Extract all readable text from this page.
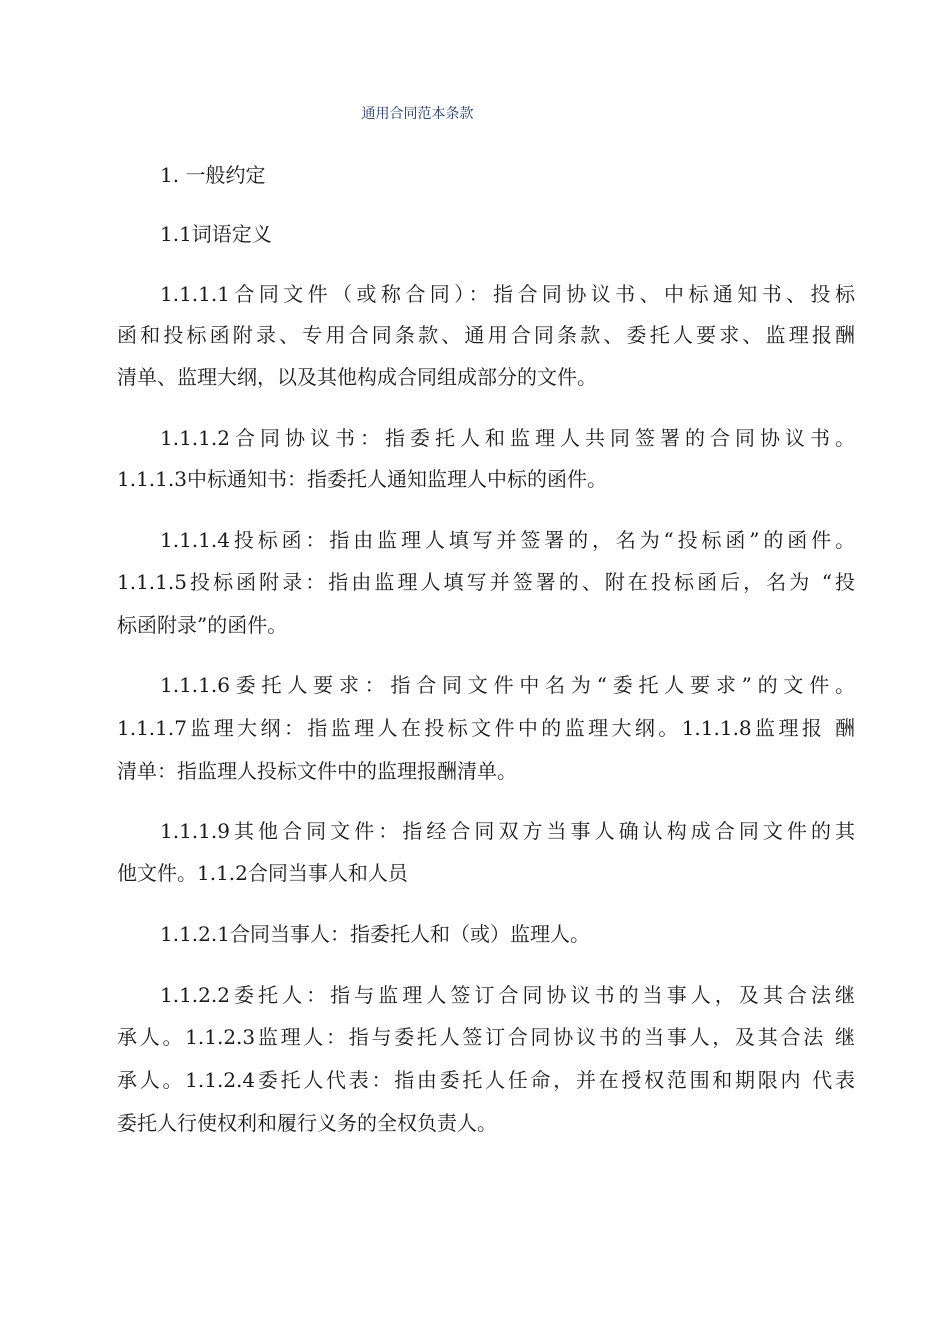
通用合同范本条款
1. 一般约定
1.1词语定义
1.1.1.1合同文件（或称合同）：指合同协议书、中标通知书、投标
函和投标函附录、专用合同条款、通用合同条款、委托人要求、监理报酬
清单、监理大纲，以及其他构成合同组成部分的文件。
1.1.1.2合同协议书：指委托人和监理人共同签署的合同协议书。
1.1.1.3中标通知书：指委托人通知监理人中标的函件。
1.1.1.4投标函：指由监理人填写并签署的，名为“投标函”的函件。
1.1.1.5投标函附录：指由监理人填写并签署的、附在投标函后，名为 “投
标函附录”的函件。
1.1.1.6委托人要求：指合同文件中名为“委托人要求”的文件。
1.1.1.7监理大纲：指监理人在投标文件中的监理大纲。1.1.1.8监理报 酬
清单：指监理人投标文件中的监理报酬清单。
1.1.1.9其他合同文件：指经合同双方当事人确认构成合同文件的其
他文件。1.1.2合同当事人和人员
1.1.2.1合同当事人：指委托人和（或）监理人。
1.1.2.2委托人：指与监理人签订合同协议书的当事人，及其合法继
承人。1.1.2.3监理人：指与委托人签订合同协议书的当事人，及其合法 继
承人。1.1.2.4委托人代表：指由委托人任命，并在授权范围和期限内 代表
委托人行使权利和履行义务的全权负责人。
